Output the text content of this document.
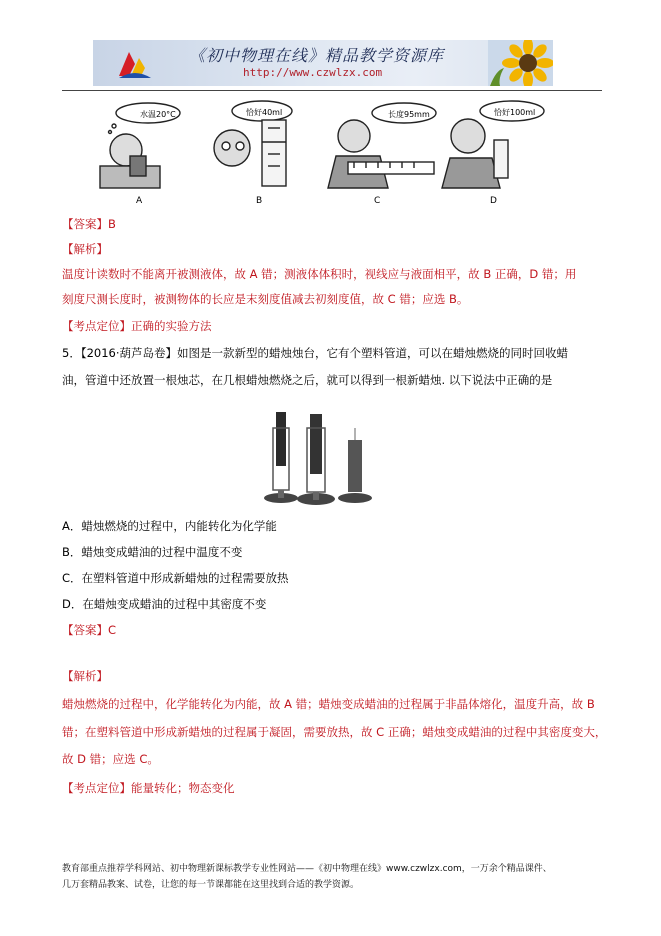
《初中物理在线》精品教学资源库
http://www.czwlzx.com
水温20°C	恰好40ml	长度95mm	恰好100ml
A	B	C	D
【答案】B
【解析】
温度计读数时不能离开被测液体，故 A 错；测液体体积时，视线应与液面相平，故 B 正确，D 错；用
刻度尺测长度时，被测物体的长应是末刻度值减去初刻度值，故 C 错；应选 B。
【考点定位】正确的实验方法
5．【2016·葫芦岛卷】如图是一款新型的蜡烛烛台，它有个塑料管道，可以在蜡烛燃烧的同时回收蜡
油，管道中还放置一根烛芯，在几根蜡烛燃烧之后，就可以得到一根新蜡烛. 以下说法中正确的是
A．蜡烛燃烧的过程中，内能转化为化学能
B．蜡烛变成蜡油的过程中温度不变
C．在塑料管道中形成新蜡烛的过程需要放热
D．在蜡烛变成蜡油的过程中其密度不变
【答案】C
【解析】
蜡烛燃烧的过程中，化学能转化为内能，故 A 错；蜡烛变成蜡油的过程属于非晶体熔化，温度升高，故 B
错；在塑料管道中形成新蜡烛的过程属于凝固，需要放热，故 C 正确；蜡烛变成蜡油的过程中其密度变大，
故 D 错；应选 C。
【考点定位】能量转化；物态变化
教育部重点推荐学科网站、初中物理新课标教学专业性网站——《初中物理在线》www.czwlzx.com，一万余个精品课件、
几万套精品教案、试卷，让您的每一节课都能在这里找到合适的教学资源。
